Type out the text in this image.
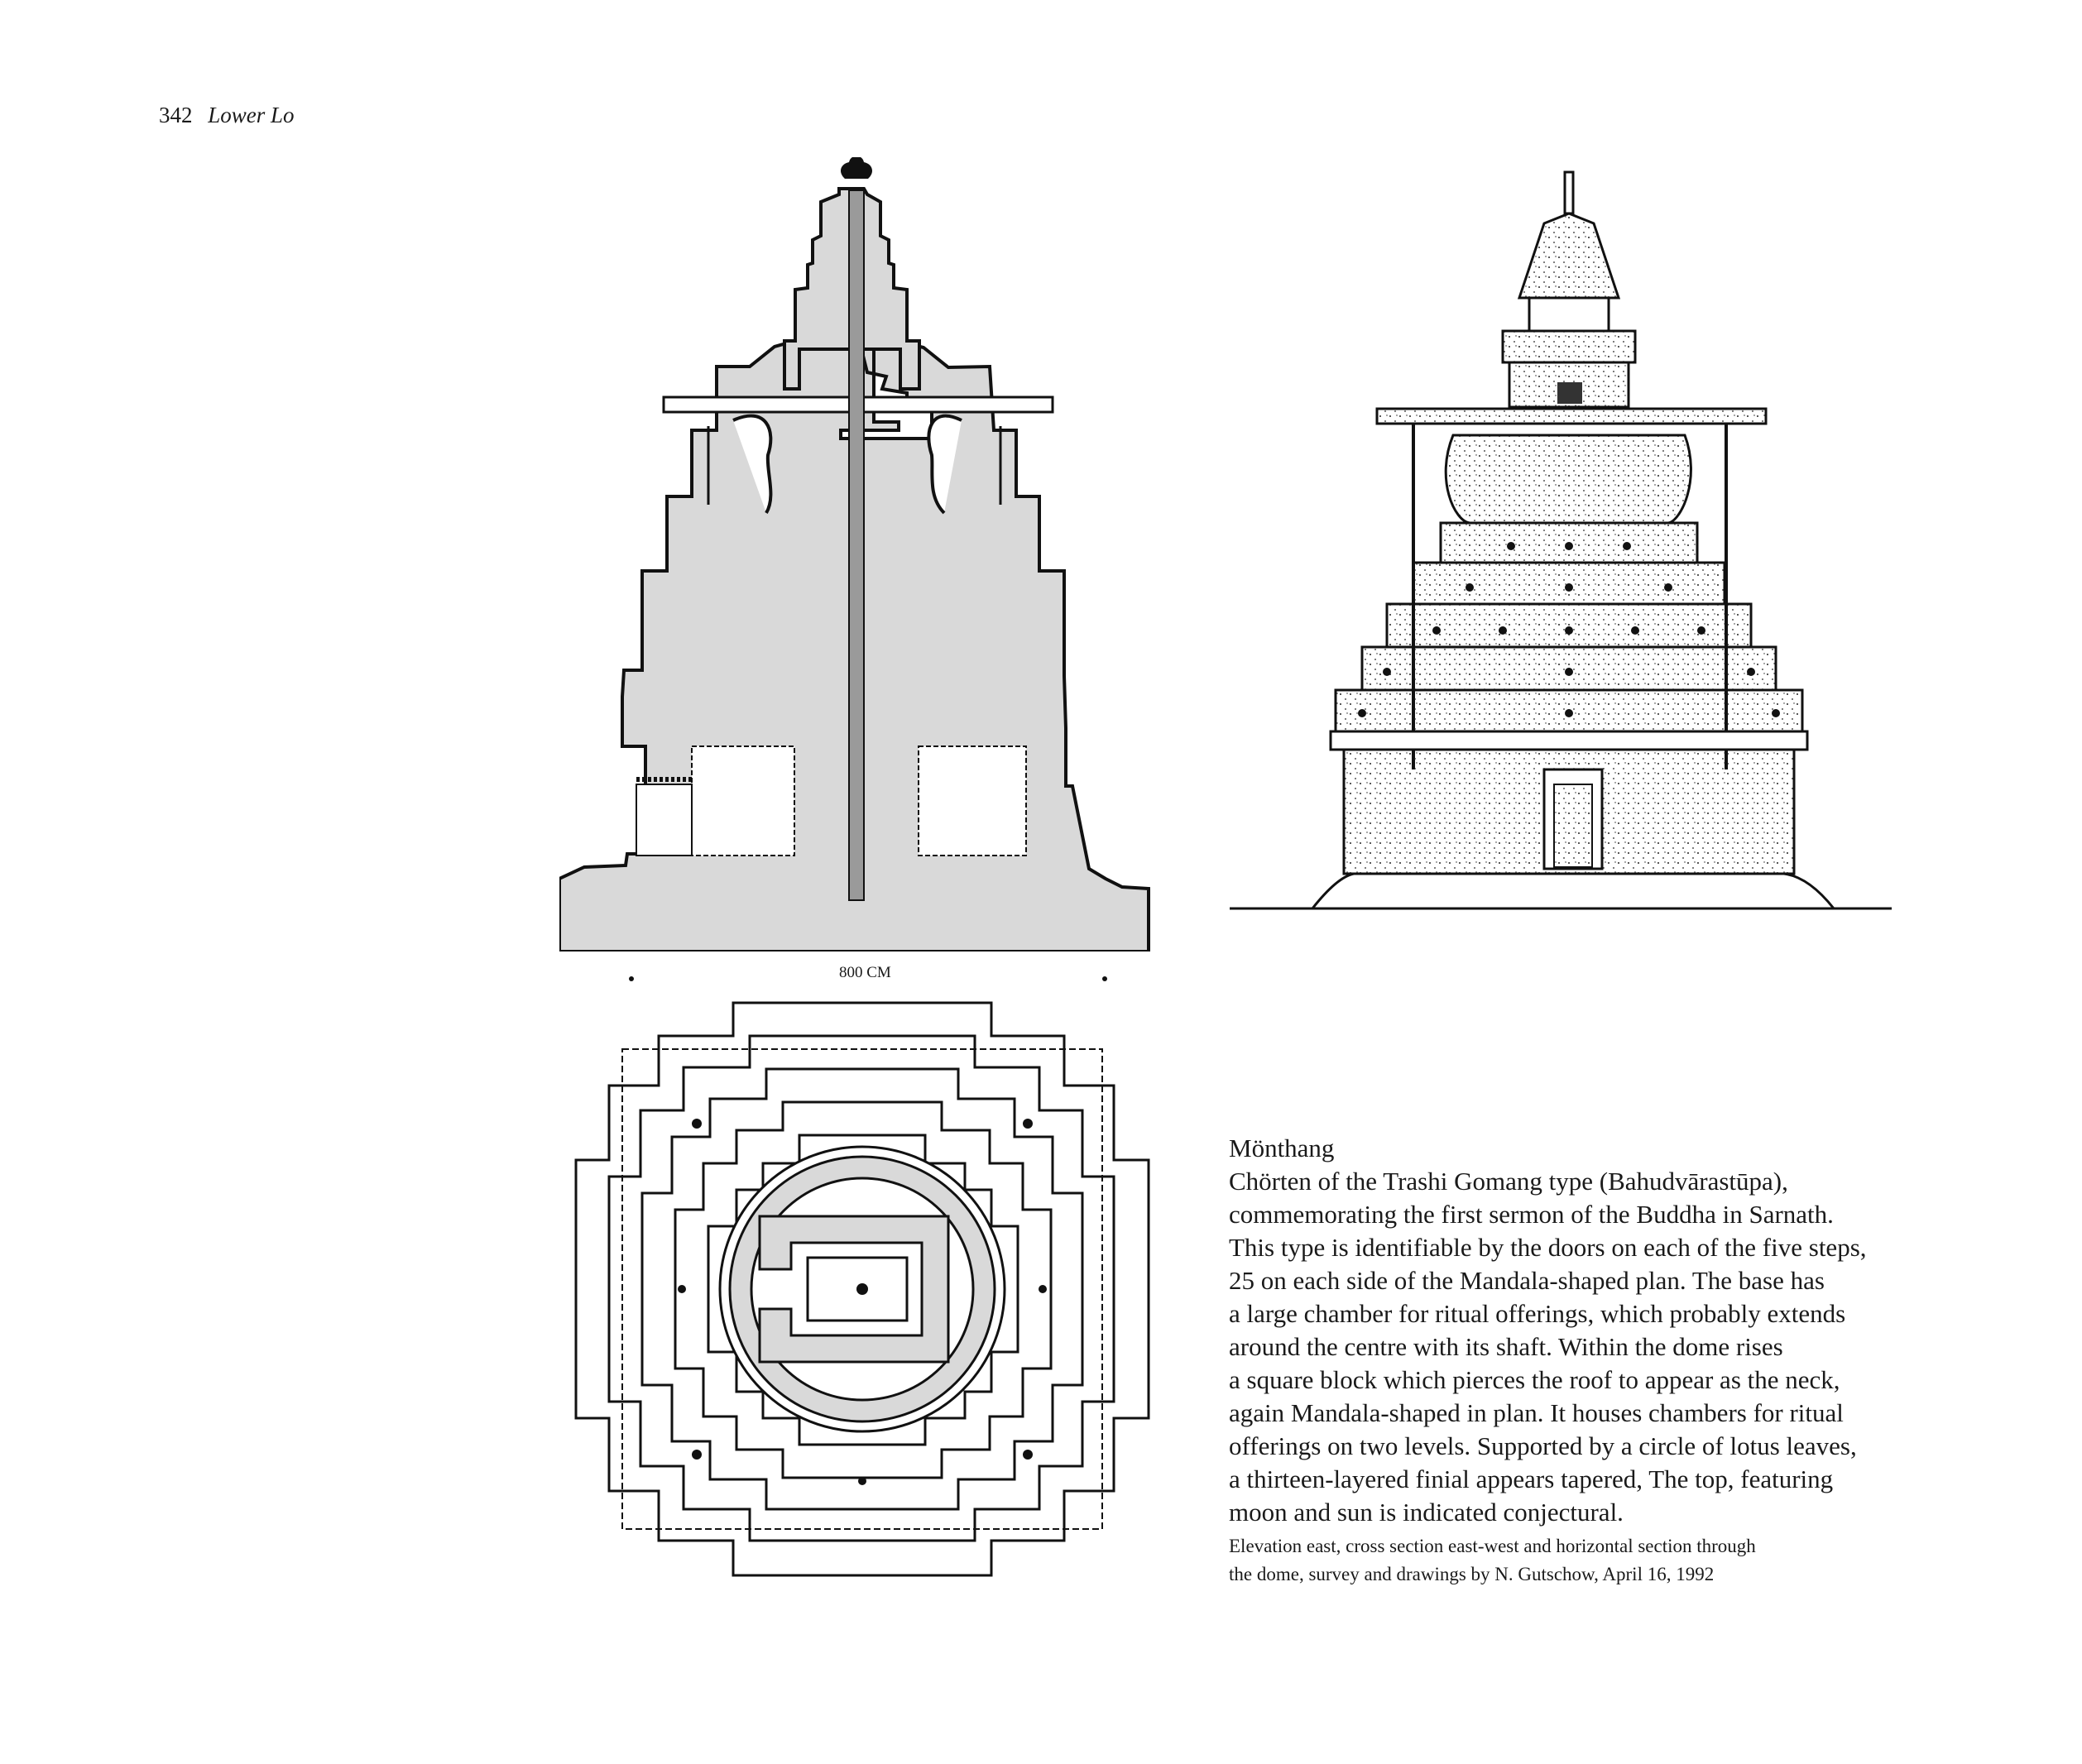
342 Lower Lo
800 CM
Mönthang
Chörten of the Trashi Gomang type (Bahudvārastūpa),
commemorating the first sermon of the Buddha in Sarnath.
This type is identifiable by the doors on each of the five steps,
25 on each side of the Mandala-shaped plan. The base has
a large chamber for ritual offerings, which probably extends
around the centre with its shaft. Within the dome rises
a square block which pierces the roof to appear as the neck,
again Mandala-shaped in plan. It houses chambers for ritual
offerings on two levels. Supported by a circle of lotus leaves,
a thirteen-layered finial appears tapered, The top, featuring
moon and sun is indicated conjectural.
Elevation east, cross section east-west and horizontal section through
the dome, survey and drawings by N. Gutschow, April 16, 1992
